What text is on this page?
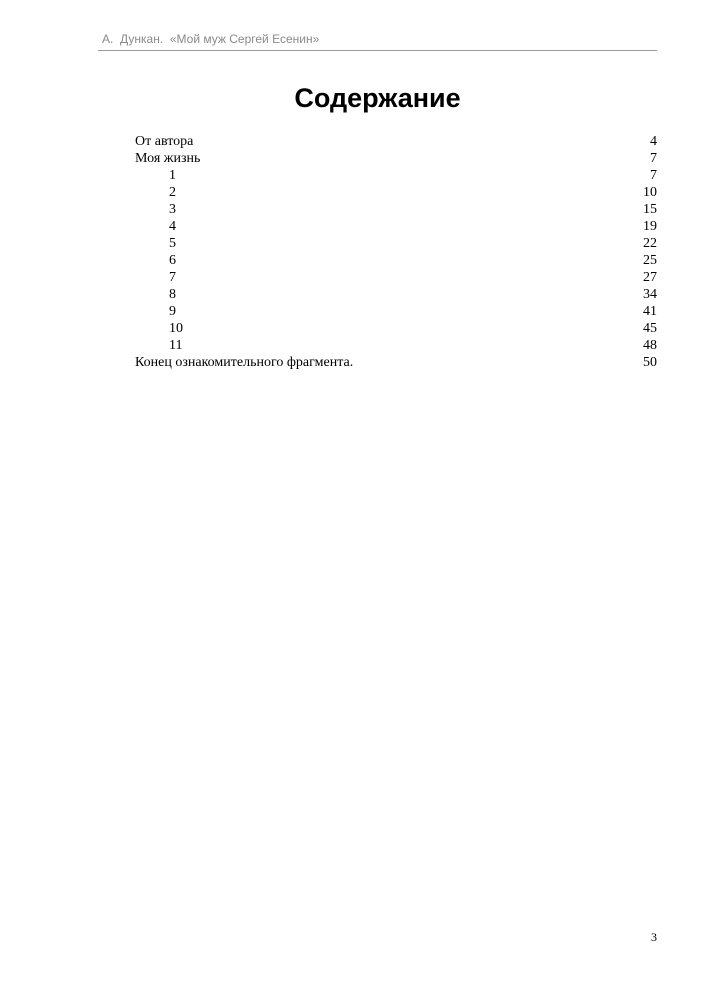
А.  Дункан.  «Мой муж Сергей Есенин»
Содержание
От автора	4
Моя жизнь	7
1	7
2	10
3	15
4	19
5	22
6	25
7	27
8	34
9	41
10	45
11	48
Конец ознакомительного фрагмента.	50
3
